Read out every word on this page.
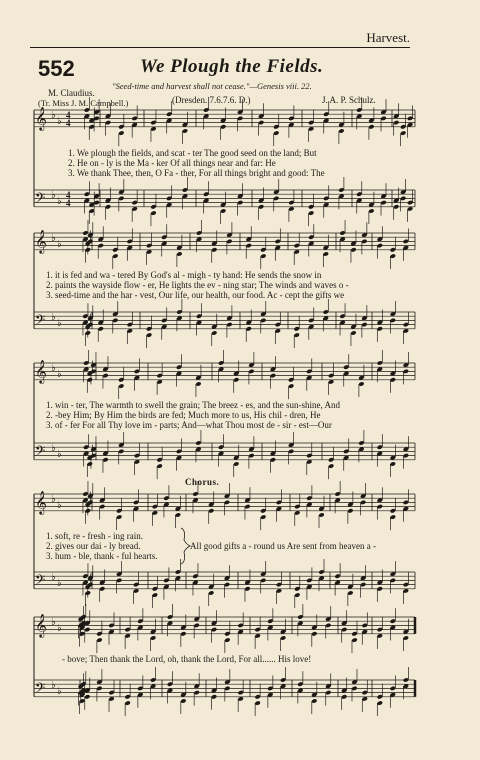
Harvest.
552	We Plough the Fields.
"Seed-time and harvest shall not cease."—Genesis viii. 22.
M. Claudius.
(Tr. Miss J. M. Campbell.)	(Dresden. 7.6.7.6. D.)	J. A. P. Schulz.
𝄞 ♭
♭
4
4
𝄢 ♭
♭
4
4
𝄞 ♭
♭
𝄢 ♭
♭
𝄞 ♭
♭
𝄢 ♭
♭
𝄞 ♭
♭
𝄢 ♭
♭
𝄞 ♭
♭
𝄢 ♭
♭
1. We plough the fields, and scat - ter The good seed on the land; But
2. He on - ly is the Ma - ker Of all things near and far: He
3. We thank Thee, then, O Fa - ther, For all things bright and good: The
1. it is fed and wa - tered By God's al - migh - ty hand: He sends the snow in
2. paints the wayside flow - er, He lights the ev - ning star; The winds and waves o -
3. seed-time and the har - vest, Our life, our health, our food. Ac - cept the gifts we
1. win - ter, The warmth to swell the grain; The breez - es, and the sun-shine, And
2. -bey Him; By Him the birds are fed; Much more to us, His chil - dren, He
3. of - fer For all Thy love im - parts; And—what Thou most de - sir - est—Our
Chorus.
1. soft, re - fresh - ing rain.
2. gives our dai - ly bread.
3. hum - ble, thank - ful hearts.
All good gifts a - round us Are sent from heaven a -
- bove; Then thank the Lord, oh, thank the Lord, For all...... His love!
